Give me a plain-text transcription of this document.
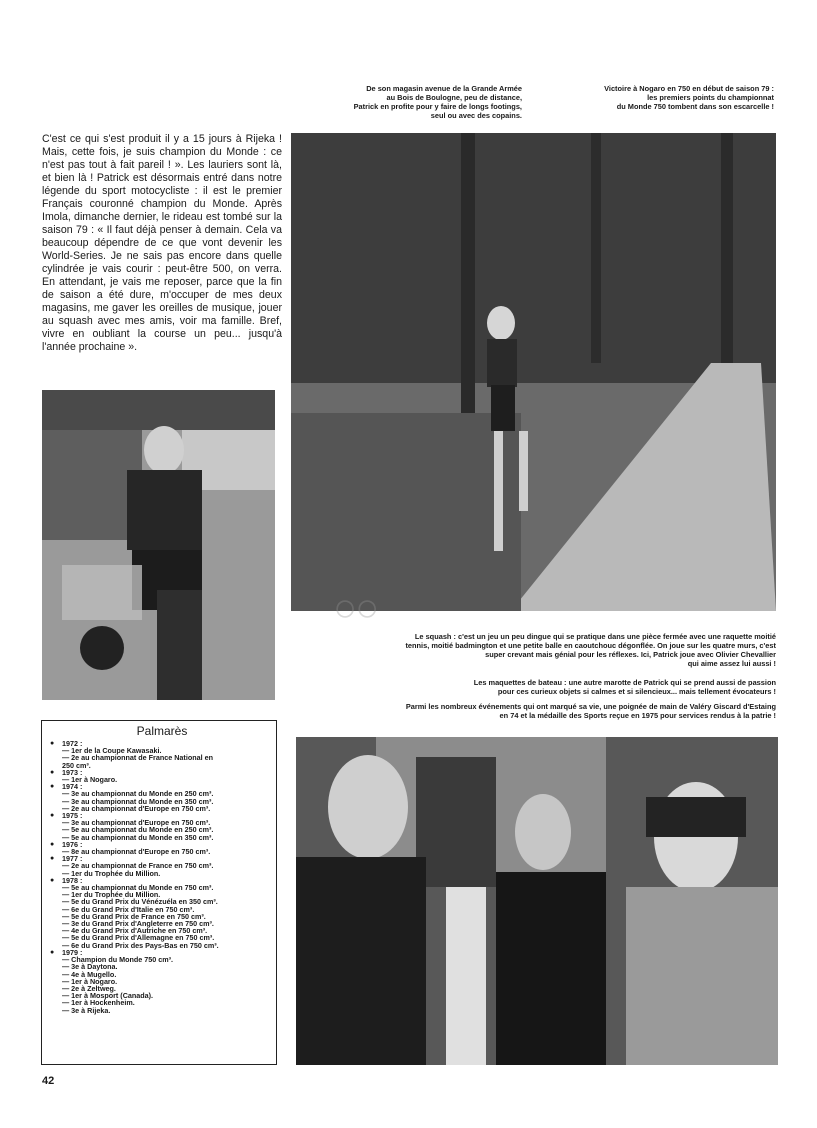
De son magasin avenue de la Grande Armée

au Bois de Boulogne, peu de distance,

Patrick en profite pour y faire de longs footings,

seul ou avec des copains.

Victoire à Nogaro en 750 en début de saison 79 :

les premiers points du championnat

du Monde 750 tombent dans son escarcelle !

C'est ce qui s'est produit il y a 15 jours à Rijeka ! Mais, cette fois, je suis champion du Monde : ce n'est pas tout à fait pareil ! ». Les lauriers sont là, et bien là ! Patrick est désormais entré dans notre légende du sport motocycliste : il est le premier Français couronné champion du Monde. Après Imola, dimanche dernier, le rideau est tombé sur la saison 79 : « Il faut déjà penser à demain. Cela va beaucoup dépendre de ce que vont devenir les World-Series. Je ne sais pas encore dans quelle cylindrée je vais courir : peut-être 500, on verra. En attendant, je vais me reposer, parce que la fin de saison a été dure, m'occuper de mes deux magasins, me gaver les oreilles de musique, jouer au squash avec mes amis, voir ma famille. Bref, vivre en oubliant la course un peu... jusqu'à l'année prochaine ».

Le squash : c'est un jeu un peu dingue qui se pratique dans une pièce fermée avec une raquette moitié

tennis, moitié badmington et une petite balle en caoutchouc dégonflée. On joue sur les quatre murs, c'est

super crevant mais génial pour les réflexes. Ici, Patrick joue avec Olivier Chevallier

qui aime assez lui aussi !

Les maquettes de bateau : une autre marotte de Patrick qui se prend aussi de passion

pour ces curieux objets si calmes et si silencieux... mais tellement évocateurs !

Parmi les nombreux événements qui ont marqué sa vie, une poignée de main de Valéry Giscard d'Estaing

en 74 et la médaille des Sports reçue en 1975 pour services rendus à la patrie !

Palmarès

● 1972 :

— 1er de la Coupe Kawasaki.

— 2e au championnat de France National en

250 cm³.

● 1973 :

— 1er à Nogaro.

● 1974 :

— 3e au championnat du Monde en 250 cm³.

— 3e au championnat du Monde en 350 cm³.

— 2e au championnat d'Europe en 750 cm³.

● 1975 :

— 3e au championnat d'Europe en 750 cm³.

— 5e au championnat du Monde en 250 cm³.

— 5e au championnat du Monde en 350 cm³.

● 1976 :

— 8e au championnat d'Europe en 750 cm³.

● 1977 :

— 2e au championnat de France en 750 cm³.

— 1er du Trophée du Million.

● 1978 :

— 5e au championnat du Monde en 750 cm³.

— 1er du Trophée du Million.

— 5e du Grand Prix du Vénézuéla en 350 cm³.

— 6e du Grand Prix d'Italie en 750 cm³.

— 5e du Grand Prix de France en 750 cm³.

— 3e du Grand Prix d'Angleterre en 750 cm³.

— 4e du Grand Prix d'Autriche en 750 cm³.

— 5e du Grand Prix d'Allemagne en 750 cm³.

— 6e du Grand Prix des Pays-Bas en 750 cm³.

● 1979 :

— Champion du Monde 750 cm³.

— 3e à Daytona.

— 4e à Mugello.

— 1er à Nogaro.

— 2e à Zeltweg.

— 1er à Mosport (Canada).

— 1er à Hockenheim.

— 3e à Rijeka.

○○
42
